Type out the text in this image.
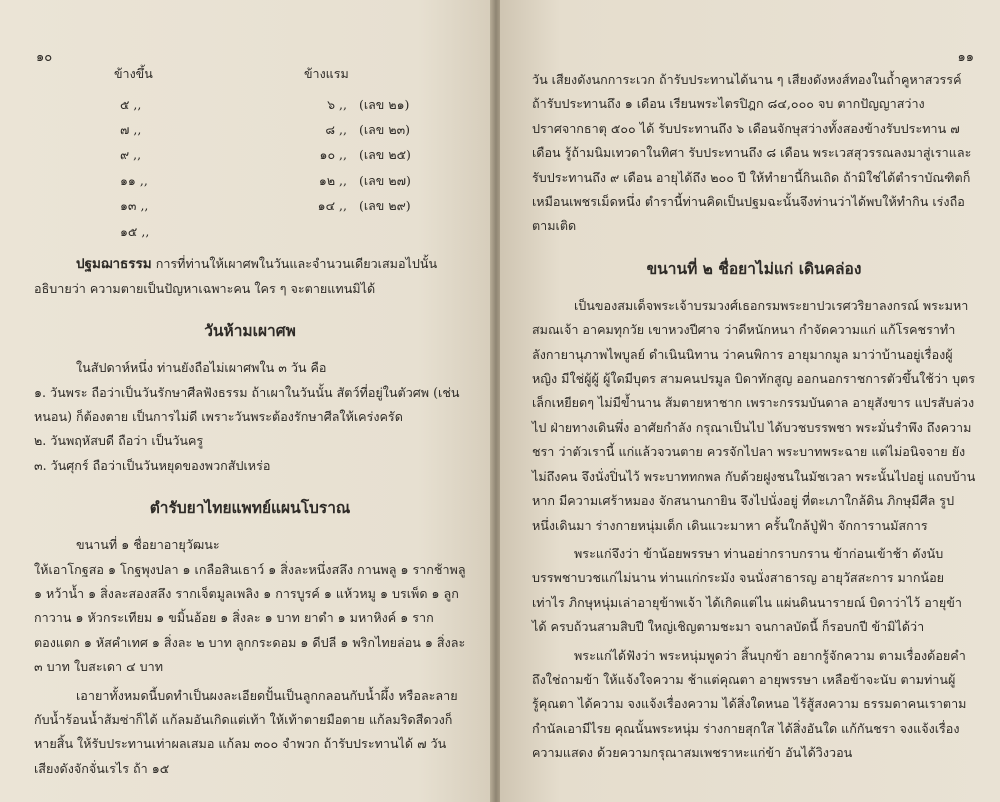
๑๐
ข้างขึ้น	ข้างแรม
๕ ,,	๖ ,, (เลข ๒๑)
๗ ,,	๘ ,, (เลข ๒๓)
๙ ,,	๑๐ ,, (เลข ๒๕)
๑๑ ,,	๑๒ ,, (เลข ๒๗)
๑๓ ,,	๑๔ ,, (เลข ๒๙)
๑๕ ,,

ปฐมฌาธรรม การที่ท่านให้เผาศพในวันและจำนวนเดียวเสมอไปนั้น อธิบายว่า ความตายเป็นปัญหาเฉพาะคน ใคร ๆ จะตายแทนมิได้

วันห้ามเผาศพ

ในสัปดาห์หนึ่ง ท่านยังถือไม่เผาศพใน ๓ วัน คือ

๑. วันพระ ถือว่าเป็นวันรักษาศีลฟังธรรม ถ้าเผาในวันนั้น สัตว์ที่อยู่ในตัวศพ (เช่นหนอน) ก็ต้องตาย เป็นการไม่ดี เพราะวันพระต้องรักษาศีลให้เคร่งครัด

๒. วันพฤหัสบดี ถือว่า เป็นวันครู

๓. วันศุกร์ ถือว่าเป็นวันหยุดของพวกสัปเหร่อ

ตำรับยาไทยแพทย์แผนโบราณ

ขนานที่ ๑ ชื่อยาอายุวัฒนะ

ให้เอาโกฐสอ ๑ โกฐพุงปลา ๑ เกลือสินเธาว์ ๑ สิ่งละหนึ่งสลึง กานพลู ๑ รากช้าพลู ๑ หว้าน้ำ ๑ สิ่งละสองสลึง รากเจ็ตมูลเพลิง ๑ การบูรค์ ๑ แห้วหมู ๑ บรเพ็ด ๑ ลูกกาวาน ๑ หัวกระเทียม ๑ ขมิ้นอ้อย ๑ สิ่งละ ๑ บาท ยาดำ ๑ มหาหิงค์ ๑ รากตองแตก ๑ หัสคำเทศ ๑ สิ่งละ ๒ บาท ลูกกระดอม ๑ ดีปลี ๑ พริกไทยล่อน ๑ สิ่งละ ๓ บาท ใบสะเดา ๔ บาท

เอายาทั้งหมดนี้บดทำเป็นผงละเอียดปั้นเป็นลูกกลอนกับน้ำผึ้ง หรือละลายกับน้ำร้อนน้ำส้มซ่าก็ได้ แก้ลมอันเกิดแต่เท้า ให้เท้าตายมือตาย แก้ลมริดสีดวงก็หายสิ้น ให้รับประทานเท่าผลเสมอ แก้ลม ๓๐๐ จำพวก ถ้ารับประทานได้ ๗ วัน เสียงดังจักจั่นเรไร ถ้า ๑๕

๑๑

วัน เสียงดังนกการะเวก ถ้ารับประทานได้นาน ๆ เสียงดังหงส์ทองในถ้ำคูหาสวรรค์ ถ้ารับประทานถึง ๑ เดือน เรียนพระไตรปิฎก ๘๔,๐๐๐ จบ ตากปัญญาสว่าง ปราศจากธาตุ ๕๐๐ ได้ รับประทานถึง ๖ เดือนจักษุสว่างทั้งสองข้างรับประทาน ๗ เดือน รู้ถ้ามนิมเทวดาในทิศา รับประทานถึง ๘ เดือน พระเวสสุวรรณลงมาสู่เราและรับประทานถึง ๙ เดือน อายุได้ถึง ๒๐๐ ปี ให้ทำยานี้กินเถิด ถ้ามิใช่ได้ตำราบัณฑิตก็เหมือนเพชรเม็ดหนึ่ง ตำรานี้ท่านคิดเป็นปฐมฉะนั้นจึงท่านว่าได้พบให้ทำกิน เร่งถือตามเติด

ขนานที่ ๒ ชื่อยาไม่แก่ เดินคล่อง

เป็นของสมเด็จพระเจ้าบรมวงศ์เธอกรมพระยาปวเรศวริยาลงกรณ์ พระมหาสมณเจ้า อาคมทุกวัย เขาหวงปีศาจ ว่าดีหนักหนา กำจัดความแก่ แก้โรคชราทำลังกายานุภาพไพบูลย์ ดำเนินนิทาน ว่าคนพิการ อายุมากมูล มาว่าบ้านอยู่เรื่องผู้หญิง มีใช่ผู้ผู้ ผู้ใดมีบุตร สามคนปรมูล บิดาทักสูญ ออกนอกราชการตัวขึ้นใช้ว่า บุตรเล็กเหยียดๆ ไม่มีข้ำนาน ส้มตายหาชาก เพราะกรรมบันดาล อายุสังขาร แปรสับล่วงไป ฝ่ายทางเดินพึ่ง อาศัยกำลัง กรุณาเป็นไป ได้บวชบรรพชา พระมั่นรำพึง ถึงความชรา ว่าตัวเรานี้ แก่แล้วจวนตาย ควรจักไปลา พระบาทพระฉาย แต่ไม่อนิจจาย ยังไม่ถึงคน จึงนั่งปิ่นไว้ พระบาททกพล กับด้วยฝูงชนในมัชเวลา พระนั้นไปอยู่ แถบบ้านหาก มีความเศร้าหมอง จักสนานกายิน จึงไปนั่งอยู่ ที่ตะเภาใกล้ดิน ภิกษุมีศีล รูปหนึ่งเดินมา ร่างกายหนุ่มเด็ก เดินแวะมาหา ครั้นใกล้ปู่ฟ้า จักการานมัสการ

พระแก่จึงว่า ข้าน้อยพรรษา ท่านอย่ากราบกราน ข้าก่อนเข้าช้า ดังนับบรรพชาบวชแก่ไม่นาน ท่านแก่กระมัง จนนั่งสาธารญ อายุวัสสะการ มากน้อยเท่าไร ภิกษุหนุ่มเล่าอายุข้าพเจ้า ได้เกิดแต่ไน แผ่นดินนารายณ์ บิดาว่าไว้ อายุข้าได้ ครบถ้วนสามสิบปี ใหญ่เชิญตามชะมา จนกาลบัดนี้ ก็รอบกปี ข้ามิได้ว่า

พระแก่ได้ฟังว่า พระหนุ่มพูดว่า สิ้นบุกข้า อยากรู้จักความ ตามเรื่องด้อยคำถึงใช่ถามข้า ให้แจ้งใจความ ช้าแต่คุณตา อายุพรรษา เหลือข้าจะนับ ตามท่านผู้รู้คุณตา ได้ความ จงแจ้งเรื่องความ ได้สิ่งใดหนอ ไร้สู้สงความ ธรรมดาคนเราตามกำนัลเอามีไรย คุณนั้นพระหนุ่ม ร่างกายสุกใส ได้สิ่งอันใด แก้กันชรา จงแจ้งเรื่องความแสดง ด้วยความกรุณาสมเพชราหะแก่ข้า อันได้วิงวอน
